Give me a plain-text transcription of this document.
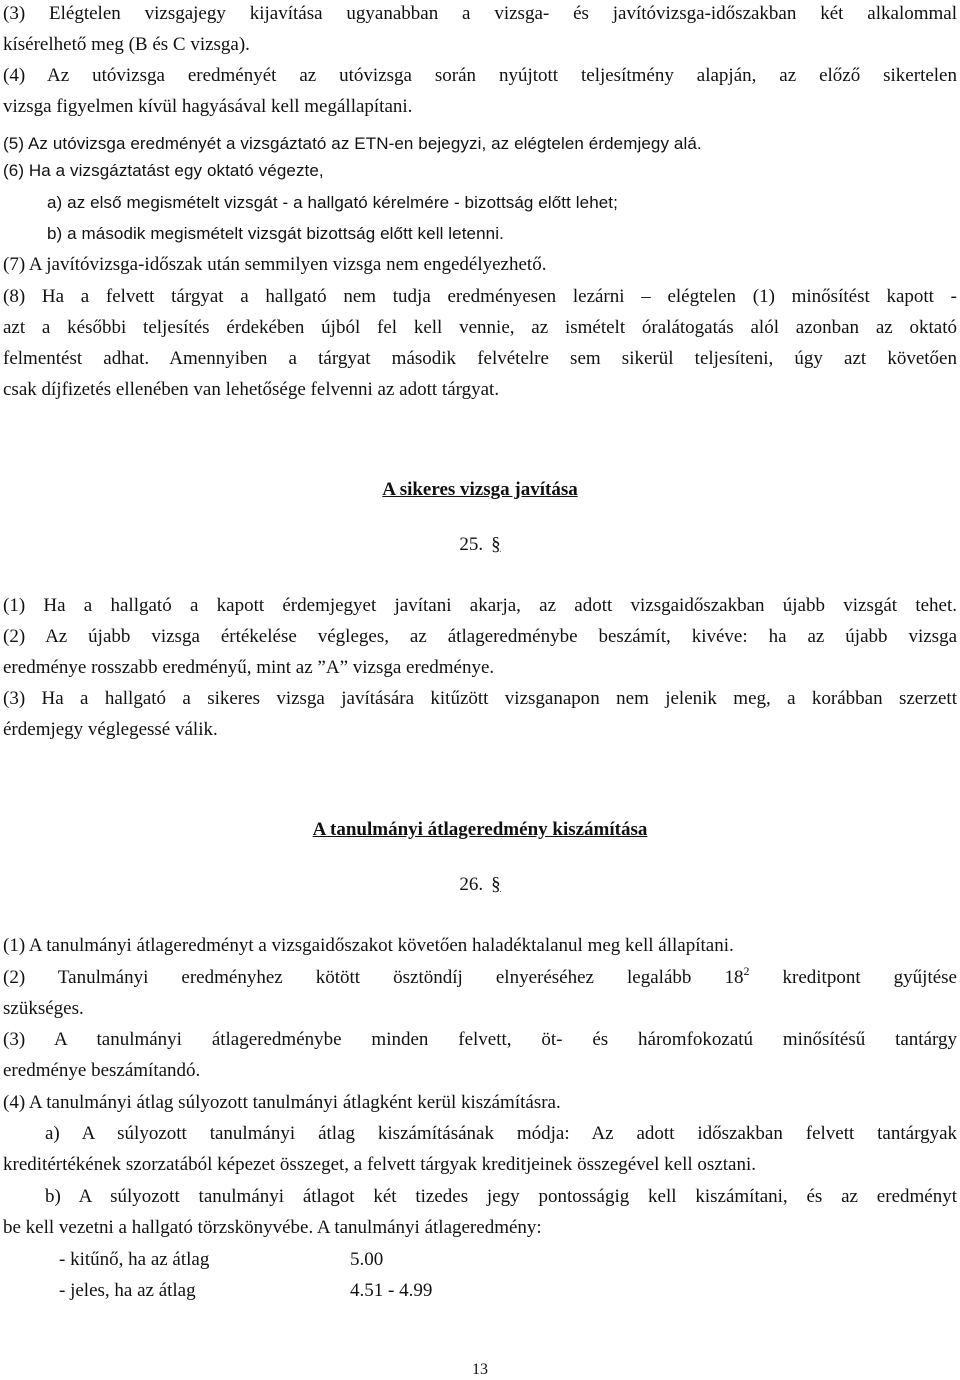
(3) Elégtelen vizsgajegy kijavítása ugyanabban a vizsga- és javítóvizsga-időszakban két alkalommal
kísérelhető meg (B és C vizsga).
(4) Az utóvizsga eredményét az utóvizsga során nyújtott teljesítmény alapján, az előző sikertelen
vizsga figyelmen kívül hagyásával kell megállapítani.
(5) Az utóvizsga eredményét a vizsgáztató az ETN-en bejegyzi, az elégtelen érdemjegy alá.
(6) Ha a vizsgáztatást egy oktató végezte,
a) az első megismételt vizsgát - a hallgató kérelmére - bizottság előtt lehet;
b) a második megismételt vizsgát bizottság előtt kell letenni.
(7) A javítóvizsga-időszak után semmilyen vizsga nem engedélyezhető.
(8) Ha a felvett tárgyat a hallgató nem tudja eredményesen lezárni – elégtelen (1) minősítést kapott -
azt a későbbi teljesítés érdekében újból fel kell vennie, az ismételt óralátogatás alól azonban az oktató
felmentést adhat. Amennyiben a tárgyat második felvételre sem sikerül teljesíteni, úgy azt követően
csak díjfizetés ellenében van lehetősége felvenni az adott tárgyat.
A sikeres vizsga javítása
25. §
(1) Ha a hallgató a kapott érdemjegyet javítani akarja, az adott vizsgaidőszakban újabb vizsgát tehet.
(2) Az újabb vizsga értékelése végleges, az átlageredménybe beszámít, kivéve: ha az újabb vizsga
eredménye rosszabb eredményű, mint az ”A” vizsga eredménye.
(3) Ha a hallgató a sikeres vizsga javítására kitűzött vizsganapon nem jelenik meg, a korábban szerzett
érdemjegy véglegessé válik.
A tanulmányi átlageredmény kiszámítása
26. §
(1) A tanulmányi átlageredményt a vizsgaidőszakot követően haladéktalanul meg kell állapítani.
(2) Tanulmányi eredményhez kötött ösztöndíj elnyeréséhez legalább $18^2$ kreditpont gyűjtése
szükséges.
(3) A tanulmányi átlageredménybe minden felvett, öt- és háromfokozatú minősítésű tantárgy
eredménye beszámítandó.
(4) A tanulmányi átlag súlyozott tanulmányi átlagként kerül kiszámításra.
a) A súlyozott tanulmányi átlag kiszámításának módja: Az adott időszakban felvett tantárgyak
kreditértékének szorzatából képezet összeget, a felvett tárgyak kreditjeinek összegével kell osztani.
b) A súlyozott tanulmányi átlagot két tizedes jegy pontosságig kell kiszámítani, és az eredményt
be kell vezetni a hallgató törzskönyvébe. A tanulmányi átlageredmény:
- kitűnő, ha az átlag	5.00
- jeles, ha az átlag	4.51 - 4.99
13
